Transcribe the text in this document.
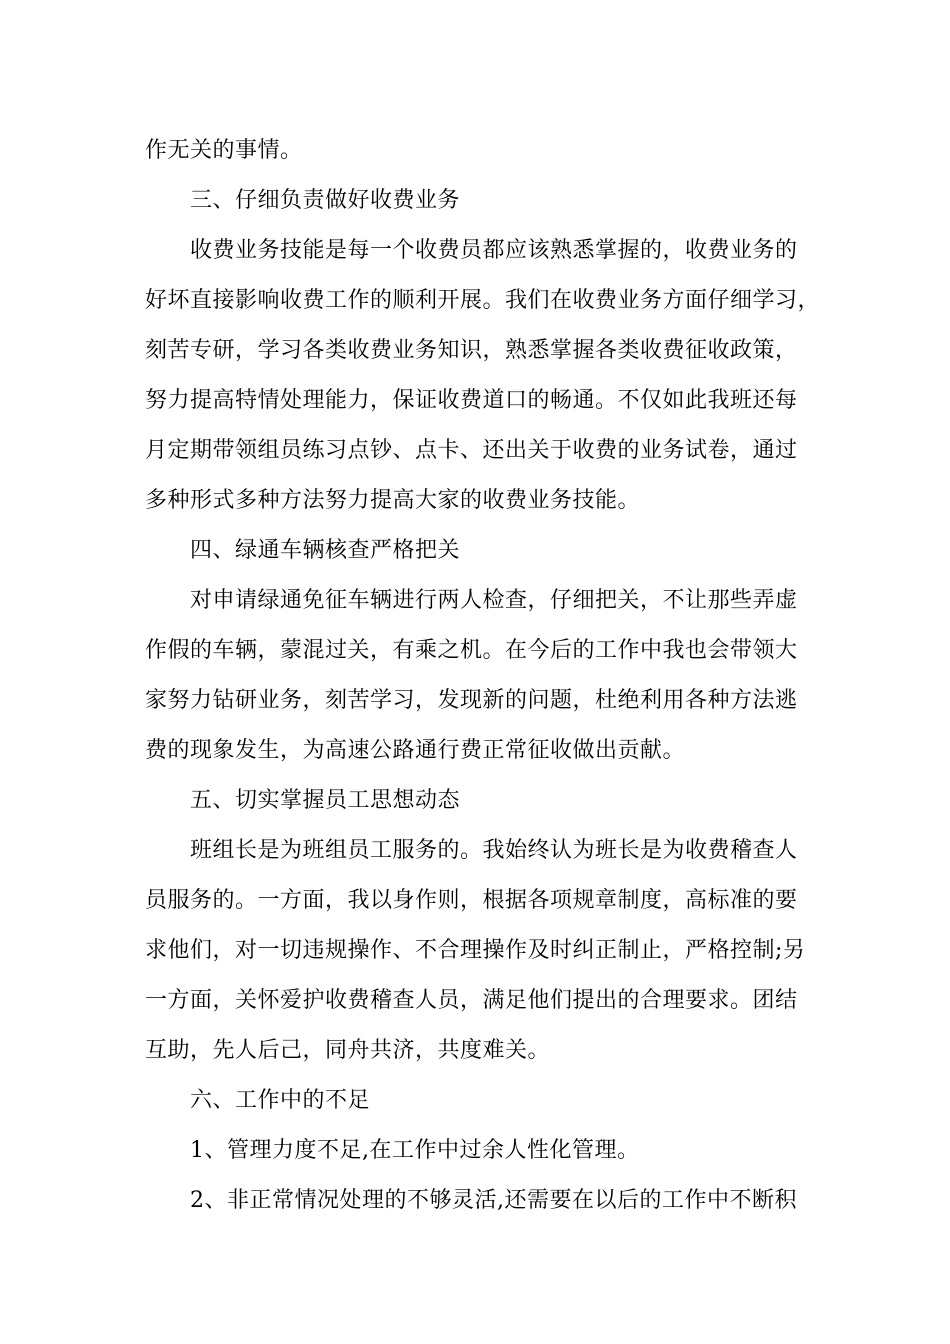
作无关的事情。
三、仔细负责做好收费业务
收费业务技能是每一个收费员都应该熟悉掌握的，收费业务的
好坏直接影响收费工作的顺利开展。我们在收费业务方面仔细学习，
刻苦专研，学习各类收费业务知识，熟悉掌握各类收费征收政策，
努力提高特情处理能力，保证收费道口的畅通。不仅如此我班还每
月定期带领组员练习点钞、点卡、还出关于收费的业务试卷，通过
多种形式多种方法努力提高大家的收费业务技能。
四、绿通车辆核查严格把关
对申请绿通免征车辆进行两人检查，仔细把关，不让那些弄虚
作假的车辆，蒙混过关，有乘之机。在今后的工作中我也会带领大
家努力钻研业务，刻苦学习，发现新的问题，杜绝利用各种方法逃
费的现象发生，为高速公路通行费正常征收做出贡献。
五、切实掌握员工思想动态
班组长是为班组员工服务的。我始终认为班长是为收费稽查人
员服务的。一方面，我以身作则，根据各项规章制度，高标准的要
求他们，对一切违规操作、不合理操作及时纠正制止，严格控制;另
一方面，关怀爱护收费稽查人员，满足他们提出的合理要求。团结
互助，先人后己，同舟共济，共度难关。
六、工作中的不足
1、管理力度不足,在工作中过余人性化管理。
2、非正常情况处理的不够灵活,还需要在以后的工作中不断积
